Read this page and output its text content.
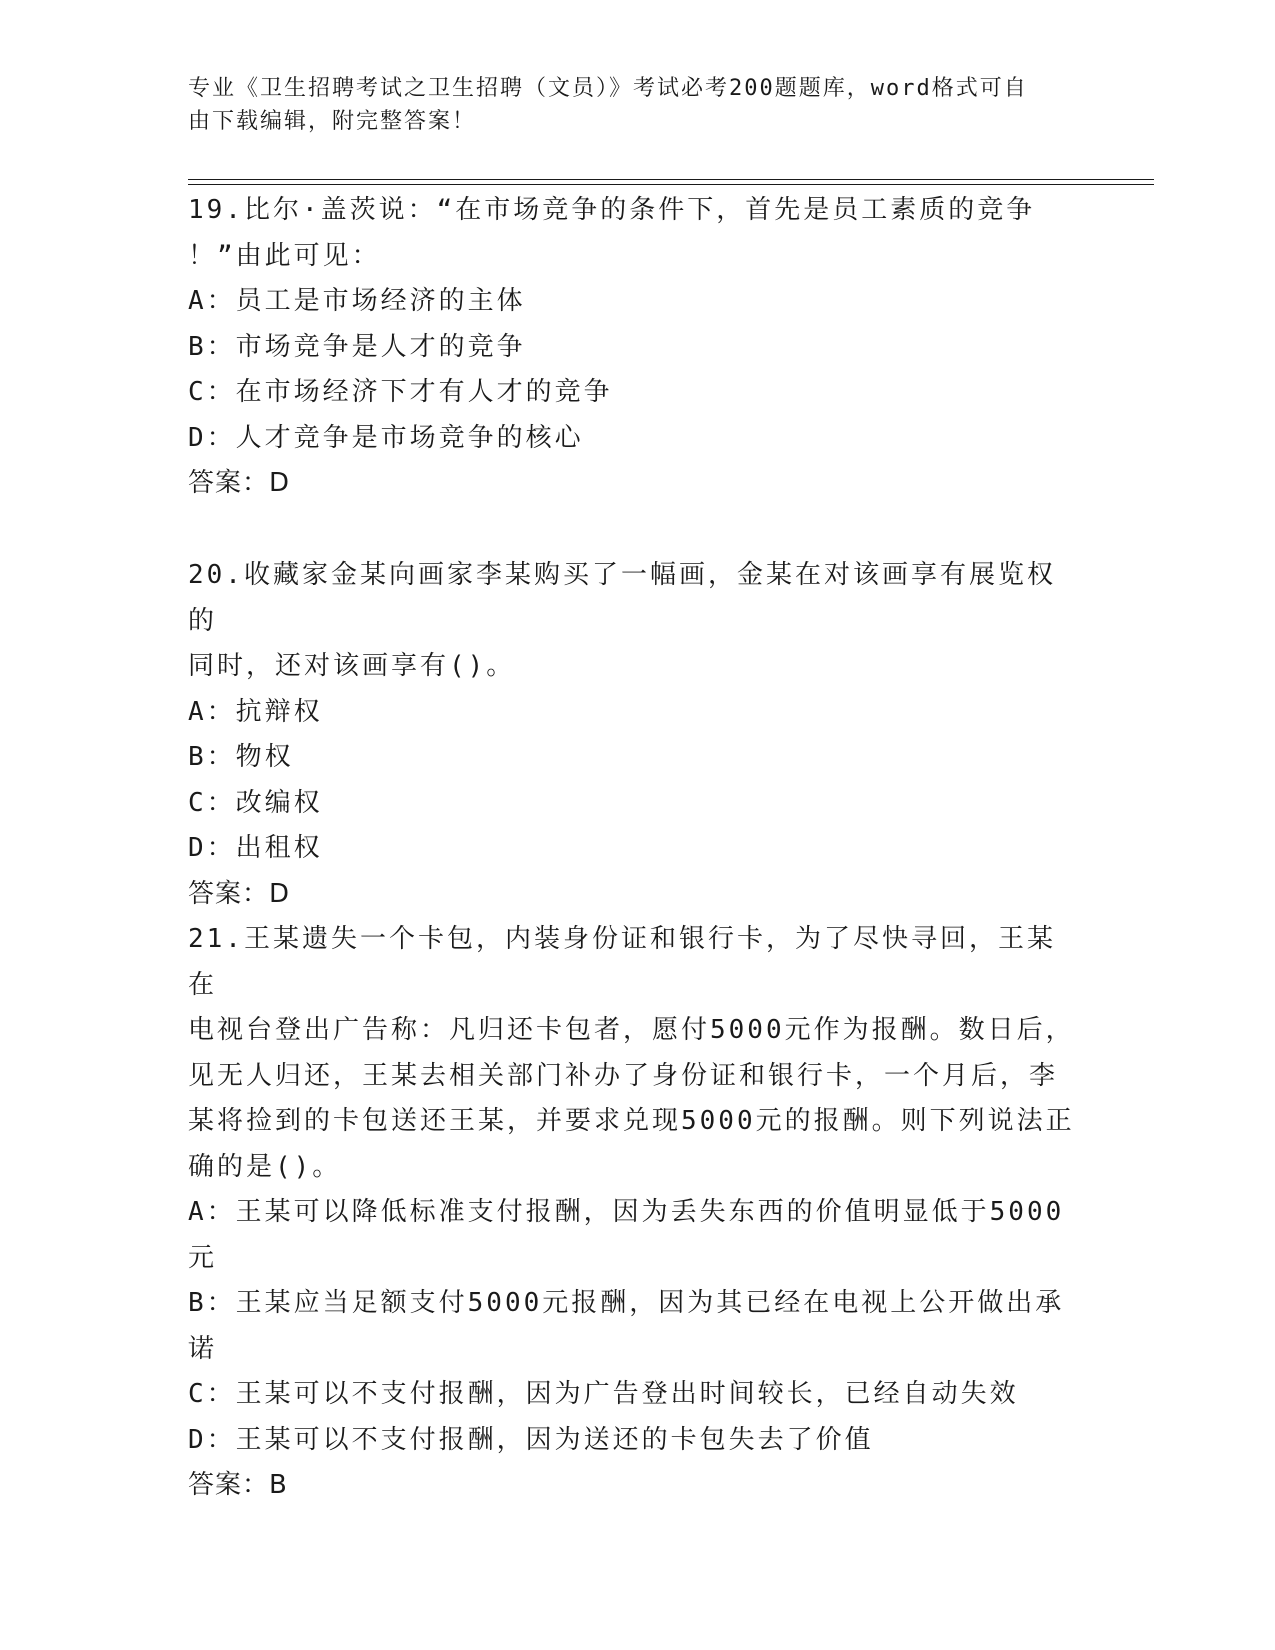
专业《卫生招聘考试之卫生招聘（文员）》考试必考200题题库，word格式可自
由下载编辑，附完整答案！
19.比尔·盖茨说：“在市场竞争的条件下，首先是员工素质的竞争
！”由此可见：
A：员工是市场经济的主体
B：市场竞争是人才的竞争
C：在市场经济下才有人才的竞争
D：人才竞争是市场竞争的核心
答案：D
20.收藏家金某向画家李某购买了一幅画，金某在对该画享有展览权的
同时，还对该画享有()。
A：抗辩权
B：物权
C：改编权
D：出租权
答案：D
21.王某遗失一个卡包，内装身份证和银行卡，为了尽快寻回，王某在
电视台登出广告称：凡归还卡包者，愿付5000元作为报酬。数日后，
见无人归还，王某去相关部门补办了身份证和银行卡，一个月后，李
某将捡到的卡包送还王某，并要求兑现5000元的报酬。则下列说法正
确的是()。
A：王某可以降低标准支付报酬，因为丢失东西的价值明显低于5000
元
B：王某应当足额支付5000元报酬，因为其已经在电视上公开做出承
诺
C：王某可以不支付报酬，因为广告登出时间较长，已经自动失效
D：王某可以不支付报酬，因为送还的卡包失去了价值
答案：B
